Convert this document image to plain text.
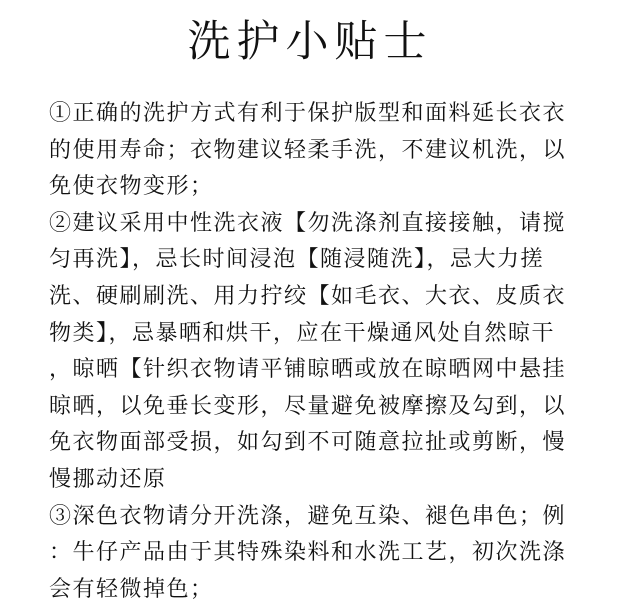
洗护小贴士
①正确的洗护方式有利于保护版型和面料延长衣衣
的使用寿命；衣物建议轻柔手洗，不建议机洗，以
免使衣物变形；
②建议采用中性洗衣液【勿洗涤剂直接接触，请搅
匀再洗】，忌长时间浸泡【随浸随洗】，忌大力搓
洗、硬刷刷洗、用力拧绞【如毛衣、大衣、皮质衣
物类】，忌暴晒和烘干，应在干燥通风处自然晾干
，晾晒【针织衣物请平铺晾晒或放在晾晒网中悬挂
晾晒，以免垂长变形，尽量避免被摩擦及勾到，以
免衣物面部受损，如勾到不可随意拉扯或剪断，慢
慢挪动还原
③深色衣物请分开洗涤，避免互染、褪色串色；例
：牛仔产品由于其特殊染料和水洗工艺，初次洗涤
会有轻微掉色；
